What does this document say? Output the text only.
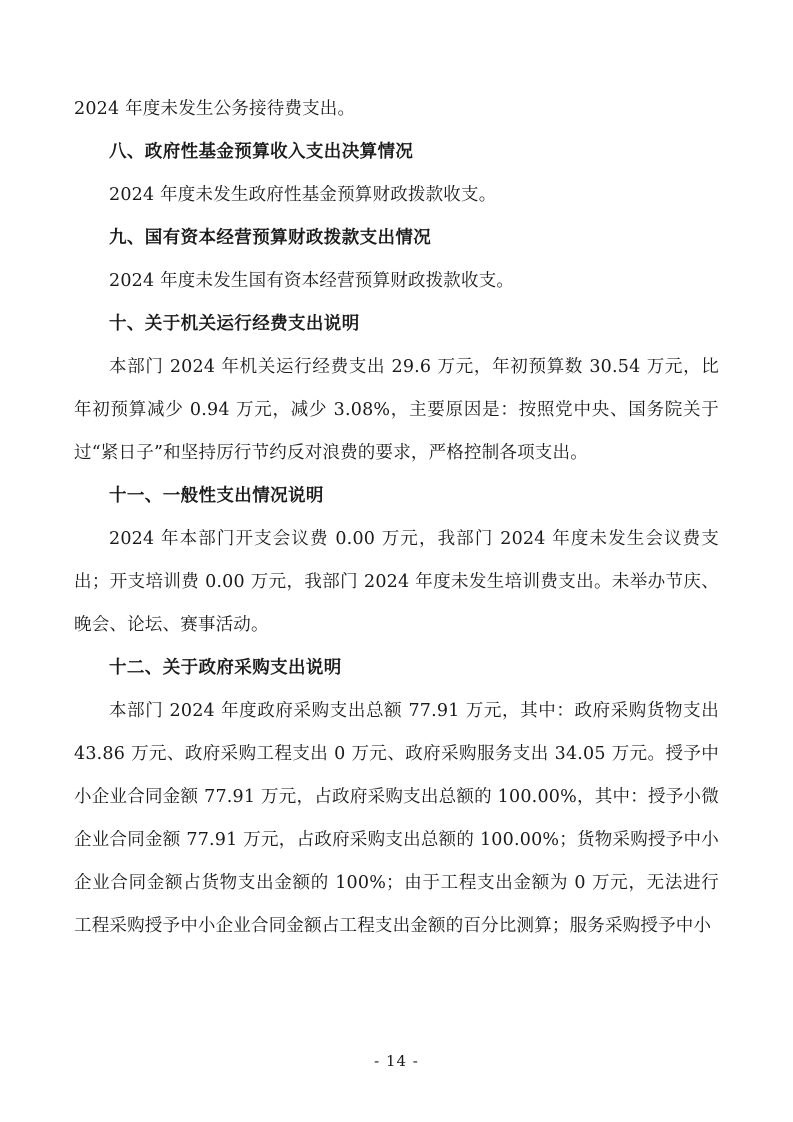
2024 年度未发生公务接待费支出。
八、政府性基金预算收入支出决算情况
2024 年度未发生政府性基金预算财政拨款收支。
九、国有资本经营预算财政拨款支出情况
2024 年度未发生国有资本经营预算财政拨款收支。
十、关于机关运行经费支出说明
本部门 2024 年机关运行经费支出 29.6 万元，年初预算数 30.54 万元，比年初预算减少 0.94 万元，减少 3.08%，主要原因是：按照党中央、国务院关于过“紧日子”和坚持厉行节约反对浪费的要求，严格控制各项支出。
十一、一般性支出情况说明
2024 年本部门开支会议费 0.00 万元，我部门 2024 年度未发生会议费支出；开支培训费 0.00 万元，我部门 2024 年度未发生培训费支出。未举办节庆、晚会、论坛、赛事活动。
十二、关于政府采购支出说明
本部门 2024 年度政府采购支出总额 77.91 万元，其中：政府采购货物支出 43.86 万元、政府采购工程支出 0 万元、政府采购服务支出 34.05 万元。授予中小企业合同金额 77.91 万元，占政府采购支出总额的 100.00%，其中：授予小微企业合同金额 77.91 万元，占政府采购支出总额的 100.00%；货物采购授予中小企业合同金额占货物支出金额的 100%；由于工程支出金额为 0 万元，无法进行工程采购授予中小企业合同金额占工程支出金额的百分比测算；服务采购授予中小
- 14 -
